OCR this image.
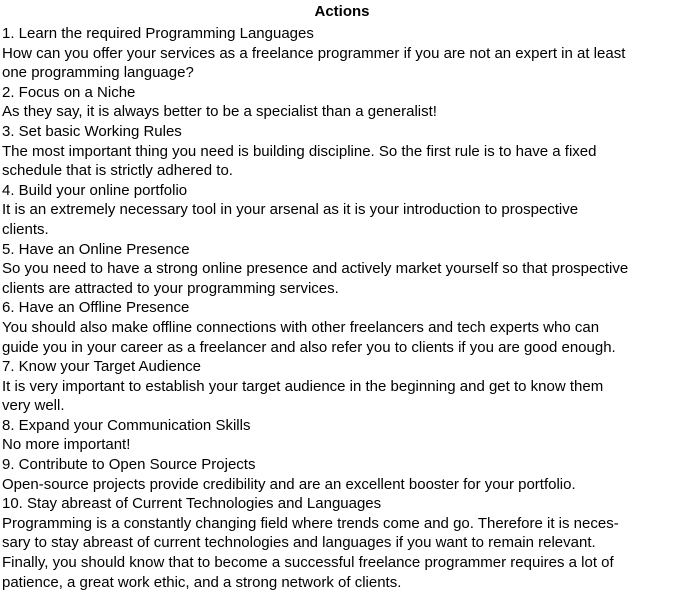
Actions
1. Learn the required Programming Languages
How can you offer your services as a freelance programmer if you are not an expert in at least
one programming language?
2. Focus on a Niche
As they say, it is always better to be a specialist than a generalist!
3. Set basic Working Rules
The most important thing you need is building discipline. So the first rule is to have a fixed
schedule that is strictly adhered to.
4. Build your online portfolio
It is an extremely necessary tool in your arsenal as it is your introduction to prospective
clients.
5. Have an Online Presence
So you need to have a strong online presence and actively market yourself so that prospective
clients are attracted to your programming services.
6. Have an Offline Presence
You should also make offline connections with other freelancers and tech experts who can
guide you in your career as a freelancer and also refer you to clients if you are good enough.
7. Know your Target Audience
It is very important to establish your target audience in the beginning and get to know them
very well.
8. Expand your Communication Skills
No more important!
9. Contribute to Open Source Projects
Open-source projects provide credibility and are an excellent booster for your portfolio.
10. Stay abreast of Current Technologies and Languages
Programming is a constantly changing field where trends come and go. Therefore it is neces-
sary to stay abreast of current technologies and languages if you want to remain relevant.
Finally, you should know that to become a successful freelance programmer requires a lot of
patience, a great work ethic, and a strong network of clients.
